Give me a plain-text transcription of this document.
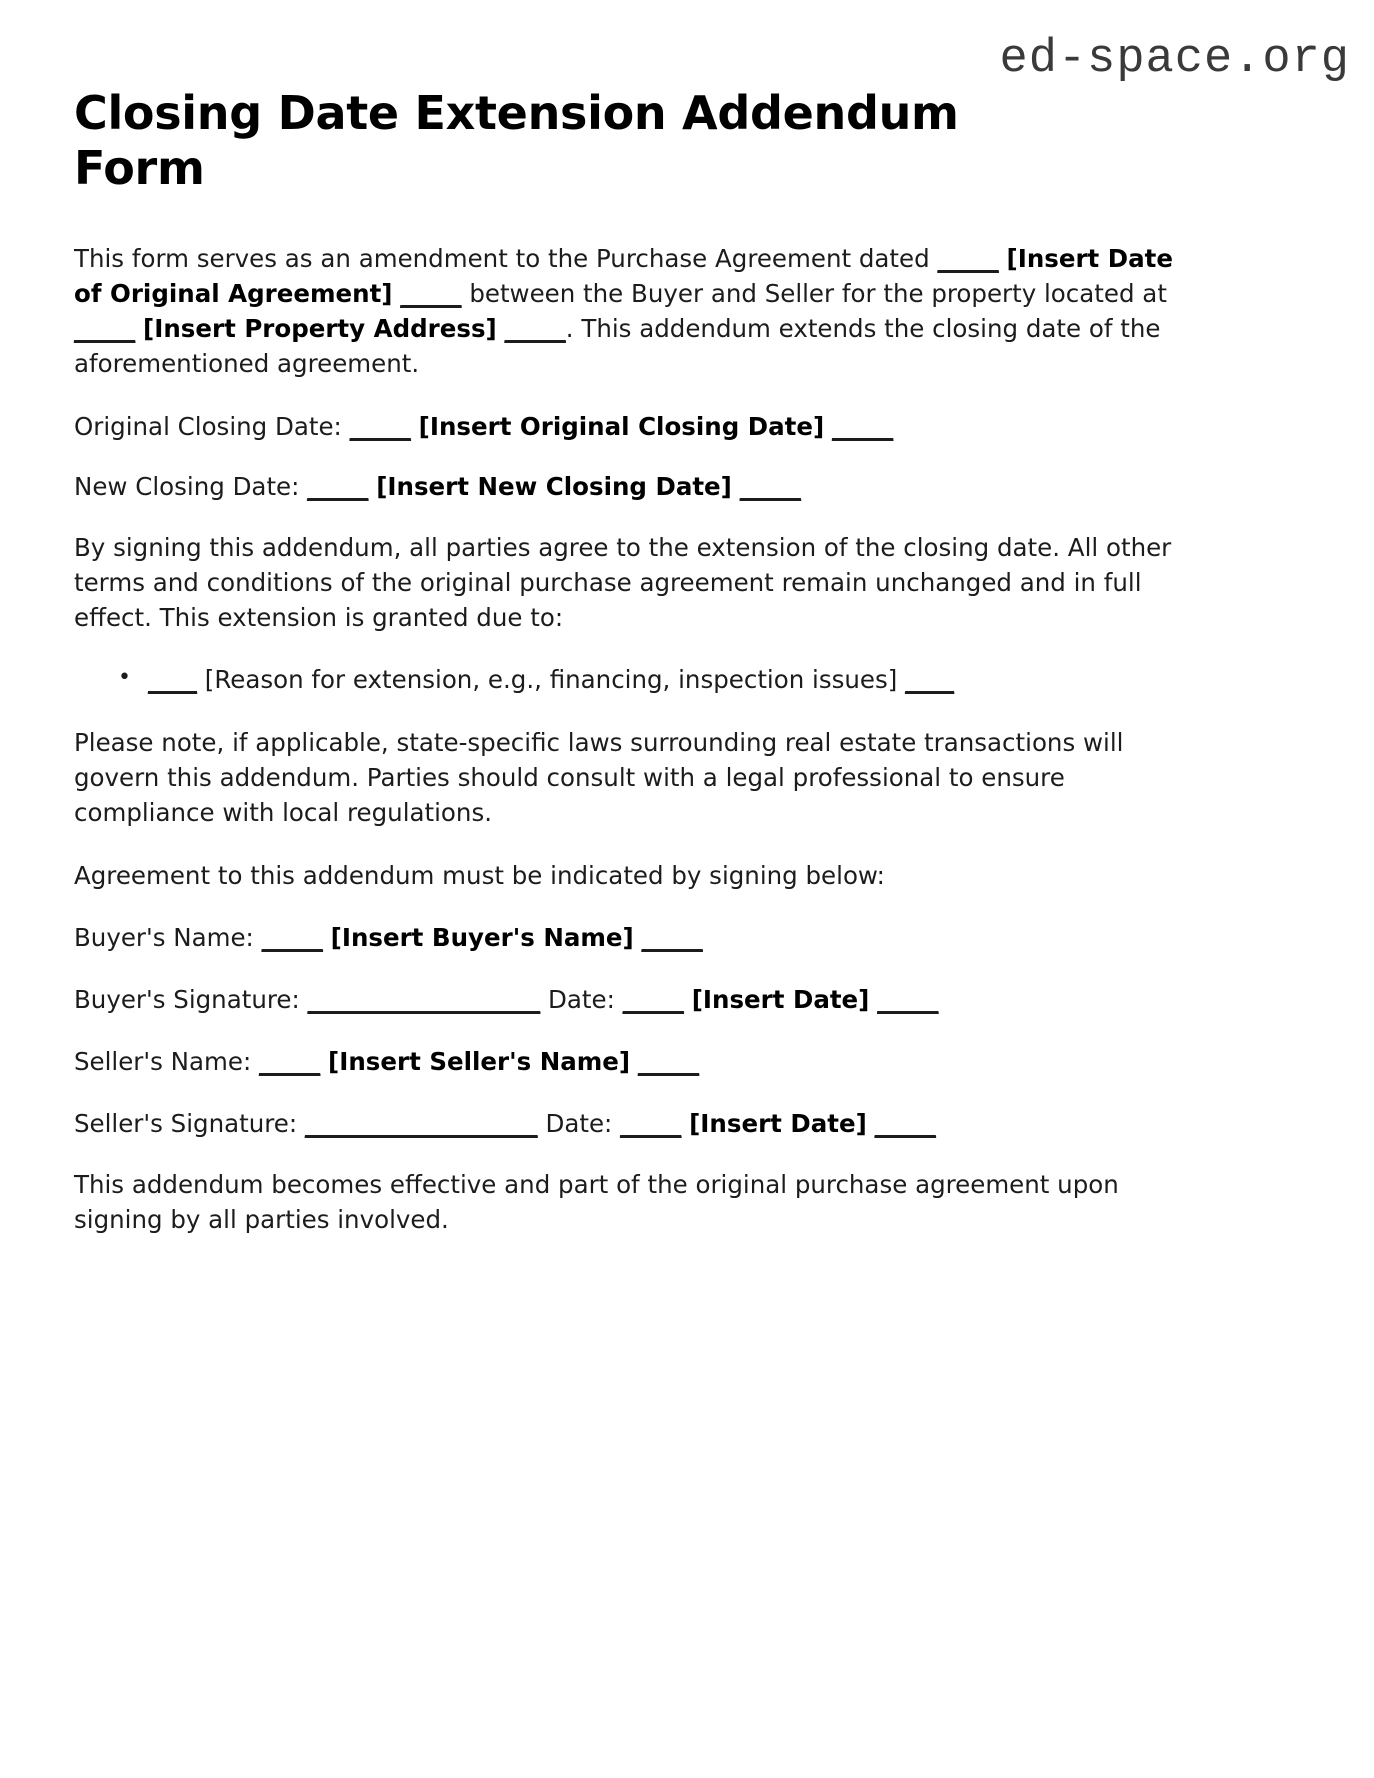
ed-space.org
Closing Date Extension Addendum Form

This form serves as an amendment to the Purchase Agreement dated _____ [Insert Date of Original Agreement] _____ between the Buyer and Seller for the property located at _____ [Insert Property Address] _____. This addendum extends the closing date of the aforementioned agreement.

Original Closing Date: _____ [Insert Original Closing Date] _____

New Closing Date: _____ [Insert New Closing Date] _____

By signing this addendum, all parties agree to the extension of the closing date. All other terms and conditions of the original purchase agreement remain unchanged and in full effect. This extension is granted due to:

• ____ [Reason for extension, e.g., financing, inspection issues] ____

Please note, if applicable, state-specific laws surrounding real estate transactions will govern this addendum. Parties should consult with a legal professional to ensure compliance with local regulations.

Agreement to this addendum must be indicated by signing below:

Buyer's Name: _____ [Insert Buyer's Name] _____

Buyer's Signature: ___________________ Date: _____ [Insert Date] _____

Seller's Name: _____ [Insert Seller's Name] _____

Seller's Signature: ___________________ Date: _____ [Insert Date] _____

This addendum becomes effective and part of the original purchase agreement upon signing by all parties involved.
